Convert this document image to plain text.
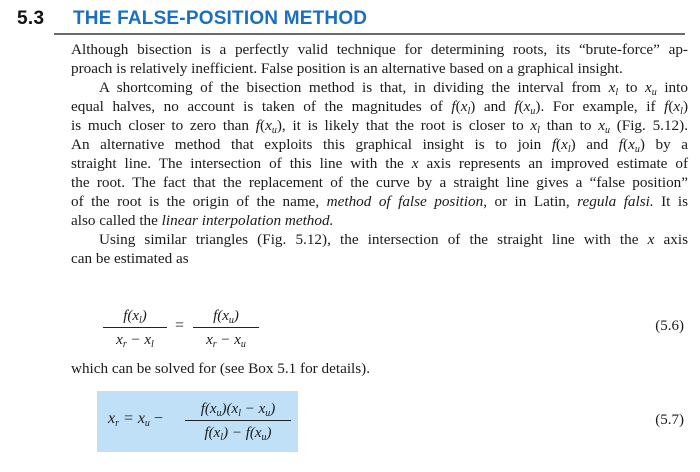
5.3 THE FALSE-POSITION METHOD
Although bisection is a perfectly valid technique for determining roots, its “brute-force” ap-
proach is relatively inefficient. False position is an alternative based on a graphical insight.
A shortcoming of the bisection method is that, in dividing the interval from $x_l$ to $x_u$ into
equal halves, no account is taken of the magnitudes of $f(x_l)$ and $f(x_u)$. For example, if $f(x_l)$
is much closer to zero than $f(x_u)$, it is likely that the root is closer to $x_l$ than to $x_u$ (Fig. 5.12).
An alternative method that exploits this graphical insight is to join $f(x_l)$ and $f(x_u)$ by a
straight line. The intersection of this line with the x axis represents an improved estimate of
the root. The fact that the replacement of the curve by a straight line gives a “false position”
of the root is the origin of the name, method of false position, or in Latin, regula falsi. It is
also called the linear interpolation method.
Using similar triangles (Fig. 5.12), the intersection of the straight line with the x axis
can be estimated as
$f(x_l)$
$x_r - x_l$
=
$f(x_u)$
$x_r - x_u$
(5.6)
which can be solved for (see Box 5.1 for details).
$x_r = x_u$ −
$f(x_u)(x_l - x_u)$
$f(x_l) - f(x_u)$
(5.7)
